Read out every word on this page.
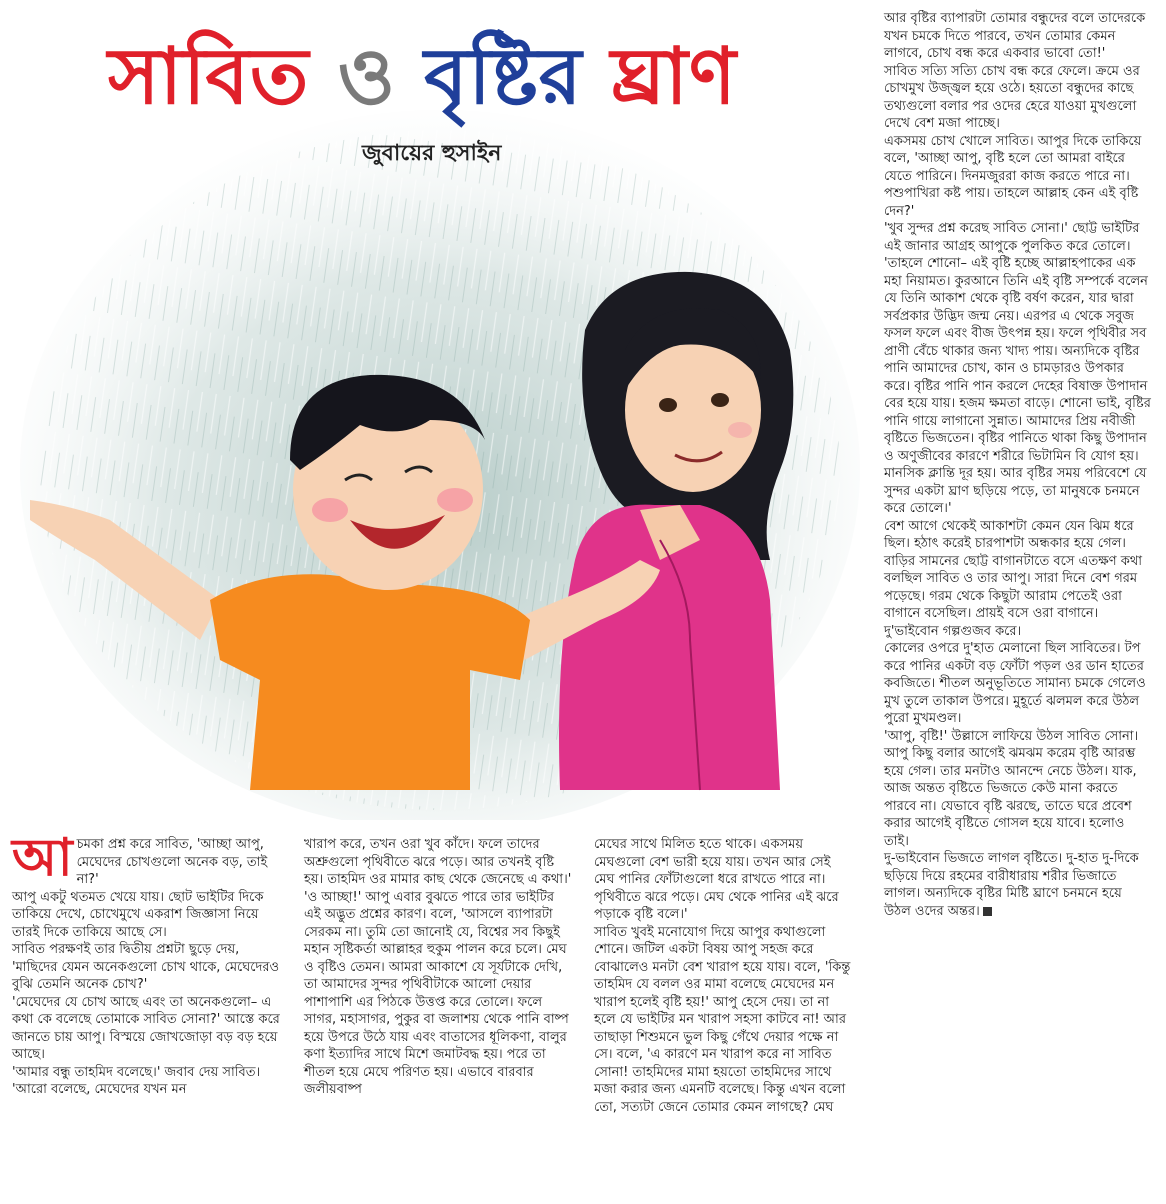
সাবিত ও বৃষ্টির ঘ্রাণ
জুবায়ের হুসাইন

আচমকা প্রশ্ন করে সাবিত, 'আচ্ছা আপু, মেঘেদের চোখগুলো অনেক বড়, তাই না?'

আপু একটু থতমত খেয়ে যায়। ছোট ভাইটির দিকে তাকিয়ে দেখে, চোখেমুখে একরাশ জিজ্ঞাসা নিয়ে তারই দিকে তাকিয়ে আছে সে।

সাবিত পরক্ষণই তার দ্বিতীয় প্রশ্নটা ছুড়ে দেয়, 'মাছিদের যেমন অনেকগুলো চোখ থাকে, মেঘেদেরও বুঝি তেমনি অনেক চোখ?'

'মেঘেদের যে চোখ আছে এবং তা অনেকগুলো– এ কথা কে বলেছে তোমাকে সাবিত সোনা?' আস্তে করে জানতে চায় আপু। বিস্ময়ে জোখজোড়া বড় বড় হয়ে আছে।

'আমার বন্ধু তাহমিদ বলেছে।' জবাব দেয় সাবিত। 'আরো বলেছে, মেঘেদের যখন মন

খারাপ করে, তখন ওরা খুব কাঁদে। ফলে তাদের অশ্রুগুলো পৃথিবীতে ঝরে পড়ে। আর তখনই বৃষ্টি হয়। তাহমিদ ওর মামার কাছ থেকে জেনেছে এ কথা।'

'ও আচ্ছা!' আপু এবার বুঝতে পারে তার ভাইটির এই অদ্ভুত প্রশ্নের কারণ। বলে, 'আসলে ব্যাপারটা সেরকম না। তুমি তো জানোই যে, বিশ্বের সব কিছুই মহান সৃষ্টিকর্তা আল্লাহর হুকুম পালন করে চলে। মেঘ ও বৃষ্টিও তেমন। আমরা আকাশে যে সূর্যটাকে দেখি, তা আমাদের সুন্দর পৃথিবীটাকে আলো দেয়ার পাশাপাশি এর পিঠকে উত্তপ্ত করে তোলে। ফলে সাগর, মহাসাগর, পুকুর বা জলাশয় থেকে পানি বাষ্প হয়ে উপরে উঠে যায় এবং বাতাসের ধূলিকণা, বালুর কণা ইত্যাদির সাথে মিশে জমাটবদ্ধ হয়। পরে তা শীতল হয়ে মেঘে পরিণত হয়। এভাবে বারবার জলীয়বাষ্প

মেঘের সাথে মিলিত হতে থাকে। একসময় মেঘগুলো বেশ ভারী হয়ে যায়। তখন আর সেই মেঘ পানির ফোঁটাগুলো ধরে রাখতে পারে না। পৃথিবীতে ঝরে পড়ে। মেঘ থেকে পানির এই ঝরে পড়াকে বৃষ্টি বলে।'

সাবিত খুবই মনোযোগ দিয়ে আপুর কথাগুলো শোনে। জটিল একটা বিষয় আপু সহজ করে বোঝালেও মনটা বেশ খারাপ হয়ে যায়। বলে, 'কিন্তু তাহমিদ যে বলল ওর মামা বলেছে মেঘেদের মন খারাপ হলেই বৃষ্টি হয়!' আপু হেসে দেয়। তা না হলে যে ভাইটির মন খারাপ সহসা কাটবে না! আর তাছাড়া শিশুমনে ভুল কিছু গেঁথে দেয়ার পক্ষে না সে। বলে, 'এ কারণে মন খারাপ করে না সাবিত সোনা! তাহমিদের মামা হয়তো তাহমিদের সাথে মজা করার জন্য এমনটি বলেছে। কিন্তু এখন বলো তো, সত্যটা জেনে তোমার কেমন লাগছে? মেঘ

আর বৃষ্টির ব্যাপারটা তোমার বন্ধুদের বলে তাদেরকে যখন চমকে দিতে পারবে, তখন তোমার কেমন লাগবে, চোখ বন্ধ করে একবার ভাবো তো!'

সাবিত সত্যি সত্যি চোখ বন্ধ করে ফেলে। ক্রমে ওর চোখমুখ উজ্জ্বল হয়ে ওঠে। হয়তো বন্ধুদের কাছে তথ্যগুলো বলার পর ওদের হেরে যাওয়া মুখগুলো দেখে বেশ মজা পাচ্ছে।

একসময় চোখ খোলে সাবিত। আপুর দিকে তাকিয়ে বলে, 'আচ্ছা আপু, বৃষ্টি হলে তো আমরা বাইরে যেতে পারিনে। দিনমজুররা কাজ করতে পারে না। পশুপাখিরা কষ্ট পায়। তাহলে আল্লাহ কেন এই বৃষ্টি দেন?'

'খুব সুন্দর প্রশ্ন করেছ সাবিত সোনা।' ছোট্ট ভাইটির এই জানার আগ্রহ আপুকে পুলকিত করে তোলে। 'তাহলে শোনো– এই বৃষ্টি হচ্ছে আল্লাহপাকের এক মহা নিয়ামত। কুরআনে তিনি এই বৃষ্টি সম্পর্কে বলেন যে তিনি আকাশ থেকে বৃষ্টি বর্ষণ করেন, যার দ্বারা সর্বপ্রকার উদ্ভিদ জন্ম নেয়। এরপর এ থেকে সবুজ ফসল ফলে এবং বীজ উৎপন্ন হয়। ফলে পৃথিবীর সব প্রাণী বেঁচে থাকার জন্য খাদ্য পায়। অন্যদিকে বৃষ্টির পানি আমাদের চোখ, কান ও চামড়ারও উপকার করে। বৃষ্টির পানি পান করলে দেহের বিষাক্ত উপাদান বের হয়ে যায়। হজম ক্ষমতা বাড়ে। শোনো ভাই, বৃষ্টির পানি গায়ে লাগানো সুন্নাত। আমাদের প্রিয় নবীজী বৃষ্টিতে ভিজতেন। বৃষ্টির পানিতে থাকা কিছু উপাদান ও অণুজীবের কারণে শরীরে ভিটামিন বি যোগ হয়। মানসিক ক্লান্তি দূর হয়। আর বৃষ্টির সময় পরিবেশে যে সুন্দর একটা ঘ্রাণ ছড়িয়ে পড়ে, তা মানুষকে চনমনে করে তোলে।'

বেশ আগে থেকেই আকাশটা কেমন যেন ঝিম ধরে ছিল। হঠাৎ করেই চারপাশটা অন্ধকার হয়ে গেল।

বাড়ির সামনের ছোট্ট বাগানটাতে বসে এতক্ষণ কথা বলছিল সাবিত ও তার আপু। সারা দিনে বেশ গরম পড়েছে। গরম থেকে কিছুটা আরাম পেতেই ওরা বাগানে বসেছিল। প্রায়ই বসে ওরা বাগানে। দু'ভাইবোন গল্পগুজব করে।

কোলের ওপরে দু'হাত মেলানো ছিল সাবিতের। টপ করে পানির একটা বড় ফোঁটা পড়ল ওর ডান হাতের কবজিতে। শীতল অনুভূতিতে সামান্য চমকে গেলেও মুখ তুলে তাকাল উপরে। মুহূর্তে ঝলমল করে উঠল পুরো মুখমণ্ডল।

'আপু, বৃষ্টি!' উল্লাসে লাফিয়ে উঠল সাবিত সোনা। আপু কিছু বলার আগেই ঝমঝম করেম বৃষ্টি আরম্ভ হয়ে গেল। তার মনটাও আনন্দে নেচে উঠল। যাক, আজ অন্তত বৃষ্টিতে ভিজতে কেউ মানা করতে পারবে না। যেভাবে বৃষ্টি ঝরছে, তাতে ঘরে প্রবেশ করার আগেই বৃষ্টিতে গোসল হয়ে যাবে। হলোও তাই।

দু-ভাইবোন ভিজতে লাগল বৃষ্টিতে। দু-হাত দু-দিকে ছড়িয়ে দিয়ে রহমের বারীধারায় শরীর ভিজাতে লাগল। অন্যদিকে বৃষ্টির মিষ্টি ঘ্রাণে চনমনে হয়ে উঠল ওদের অন্তর।
